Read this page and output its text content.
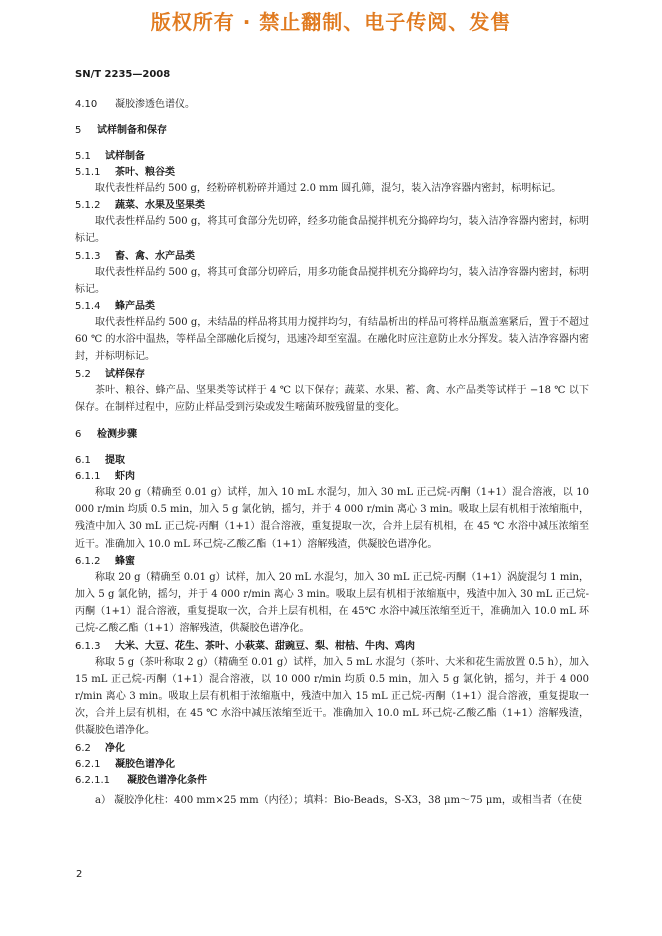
版权所有 · 禁止翻制、电子传阅、发售
SN/T 2235—2008
4.10 凝胶渗透色谱仪。
5 试样制备和保存
5.1 试样制备
5.1.1 茶叶、粮谷类

取代表性样品约 500 g，经粉碎机粉碎并通过 2.0 mm 圆孔筛，混匀，装入洁净容器内密封，标明标记。

5.1.2 蔬菜、水果及坚果类

取代表性样品约 500 g，将其可食部分先切碎，经多功能食品搅拌机充分捣碎均匀，装入洁净容器内密封，标明标记。

5.1.3 畜、禽、水产品类

取代表性样品约 500 g，将其可食部分切碎后，用多功能食品搅拌机充分捣碎均匀，装入洁净容器内密封，标明标记。

5.1.4 蜂产品类

取代表性样品约 500 g，未结晶的样品将其用力搅拌均匀，有结晶析出的样品可将样品瓶盖塞紧后，置于不超过 60 ℃ 的水浴中温热，等样品全部融化后搅匀，迅速冷却至室温。在融化时应注意防止水分挥发。装入洁净容器内密封，并标明标记。

5.2 试样保存

茶叶、粮谷、蜂产品、坚果类等试样于 4 ℃ 以下保存；蔬菜、水果、蓄、禽、水产品类等试样于 −18 ℃ 以下保存。在制样过程中，应防止样品受到污染或发生嘧菌环胺残留量的变化。

6 检测步骤
6.1 提取
6.1.1 虾肉

称取 20 g（精确至 0.01 g）试样，加入 10 mL 水混匀，加入 30 mL 正己烷-丙酮（1+1）混合溶液，以 10 000 r/min 均质 0.5 min，加入 5 g 氯化钠，摇匀，并于 4 000 r/min 离心 3 min。吸取上层有机相于浓缩瓶中，残渣中加入 30 mL 正己烷-丙酮（1+1）混合溶液，重复提取一次，合并上层有机相，在 45 ℃ 水浴中减压浓缩至近干。准确加入 10.0 mL 环己烷-乙酸乙酯（1+1）溶解残渣，供凝胶色谱净化。

6.1.2 蜂蜜

称取 20 g（精确至 0.01 g）试样，加入 20 mL 水混匀，加入 30 mL 正己烷-丙酮（1+1）涡旋混匀 1 min，加入 5 g 氯化钠，摇匀，并于 4 000 r/min 离心 3 min。吸取上层有机相于浓缩瓶中，残渣中加入 30 mL 正己烷-丙酮（1+1）混合溶液，重复提取一次，合并上层有机相，在 45℃ 水浴中减压浓缩至近干，准确加入 10.0 mL 环己烷-乙酸乙酯（1+1）溶解残渣，供凝胶色谱净化。

6.1.3 大米、大豆、花生、茶叶、小萩菜、甜豌豆、梨、柑桔、牛肉、鸡肉

称取 5 g（茶叶称取 2 g）（精确至 0.01 g）试样，加入 5 mL 水混匀（茶叶、大米和花生需放置 0.5 h），加入 15 mL 正己烷-丙酮（1+1）混合溶液，以 10 000 r/min 均质 0.5 min，加入 5 g 氯化钠，摇匀，并于 4 000 r/min 离心 3 min。吸取上层有机相于浓缩瓶中，残渣中加入 15 mL 正己烷-丙酮（1+1）混合溶液，重复提取一次，合并上层有机相，在 45 ℃ 水浴中减压浓缩至近干。准确加入 10.0 mL 环己烷-乙酸乙酯（1+1）溶解残渣，供凝胶色谱净化。

6.2 净化
6.2.1 凝胶色谱净化
6.2.1.1 凝胶色谱净化条件

a） 凝胶净化柱：400 mm×25 mm（内径）；填料：Bio-Beads，S-X3，38 μm～75 μm，或相当者（在使

2
